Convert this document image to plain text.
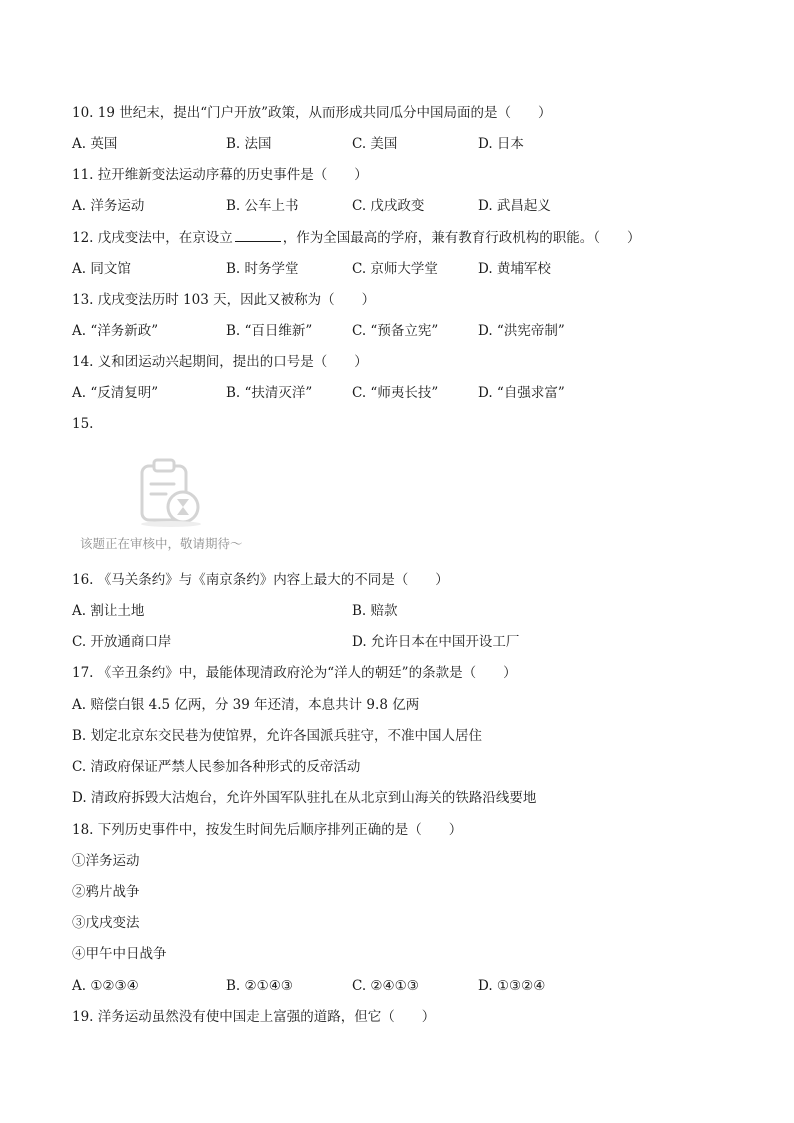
10. 19 世纪末，提出“门户开放”政策，从而形成共同瓜分中国局面的是（　　）
A. 英国	B. 法国	C. 美国	D. 日本
11. 拉开维新变法运动序幕的历史事件是（　　）
A. 洋务运动	B. 公车上书	C. 戊戌政变	D. 武昌起义
12. 戊戌变法中，在京设立	，作为全国最高的学府，兼有教育行政机构的职能。（　　）
A. 同文馆	B. 时务学堂	C. 京师大学堂	D. 黄埔军校
13. 戊戌变法历时 103 天，因此又被称为（　　）
A. “洋务新政”	B. “百日维新”	C. “预备立宪”	D. “洪宪帝制”
14. 义和团运动兴起期间，提出的口号是（　　）
A. “反清复明”	B. “扶清灭洋”	C. “师夷长技”	D. “自强求富”
15.
该题正在审核中，敬请期待～
16. 《马关条约》与《南京条约》内容上最大的不同是（　　）
A. 割让土地	B. 赔款
C. 开放通商口岸	D. 允许日本在中国开设工厂
17. 《辛丑条约》中，最能体现清政府沦为“洋人的朝廷”的条款是（　　）
A. 赔偿白银 4.5 亿两，分 39 年还清，本息共计 9.8 亿两
B. 划定北京东交民巷为使馆界，允许各国派兵驻守，不准中国人居住
C. 清政府保证严禁人民参加各种形式的反帝活动
D. 清政府拆毁大沽炮台，允许外国军队驻扎在从北京到山海关的铁路沿线要地
18. 下列历史事件中，按发生时间先后顺序排列正确的是（　　）
①洋务运动
②鸦片战争
③戊戌变法
④甲午中日战争
A. ①②③④	B. ②①④③	C. ②④①③	D. ①③②④
19. 洋务运动虽然没有使中国走上富强的道路，但它（　　）
